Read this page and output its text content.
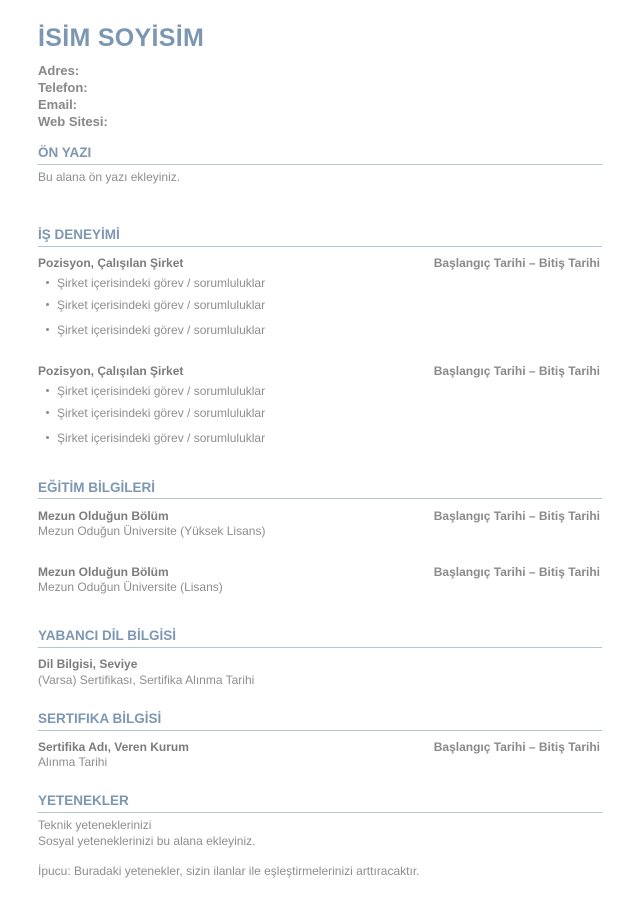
İSİM SOYİSİM
Adres:
Telefon:
Email:
Web Sitesi:
ÖN YAZI
Bu alana ön yazı ekleyiniz.
İŞ DENEYİMİ
Pozisyon, Çalışılan Şirket	Başlangıç Tarihi – Bitiş Tarihi
Şirket içerisindeki görev / sorumluluklar
Şirket içerisindeki görev / sorumluluklar
Şirket içerisindeki görev / sorumluluklar
Pozisyon, Çalışılan Şirket	Başlangıç Tarihi – Bitiş Tarihi
Şirket içerisindeki görev / sorumluluklar
Şirket içerisindeki görev / sorumluluklar
Şirket içerisindeki görev / sorumluluklar
EĞİTİM BİLGİLERİ
Mezun Olduğun Bölüm	Başlangıç Tarihi – Bitiş Tarihi
Mezun Oduğun Üniversite (Yüksek Lisans)
Mezun Olduğun Bölüm	Başlangıç Tarihi – Bitiş Tarihi
Mezun Oduğun Üniversite (Lisans)
YABANCI DİL BİLGİSİ
Dil Bilgisi, Seviye
(Varsa) Sertifikası, Sertifika Alınma Tarihi
SERTIFIKA BİLGİSİ
Sertifika Adı, Veren Kurum	Başlangıç Tarihi – Bitiş Tarihi
Alınma Tarihi
YETENEKLER
Teknik yeteneklerinizi
Sosyal yeteneklerinizi bu alana ekleyiniz.
İpucu: Buradaki yetenekler, sizin ilanlar ile eşleştirmelerinizi arttıracaktır.
